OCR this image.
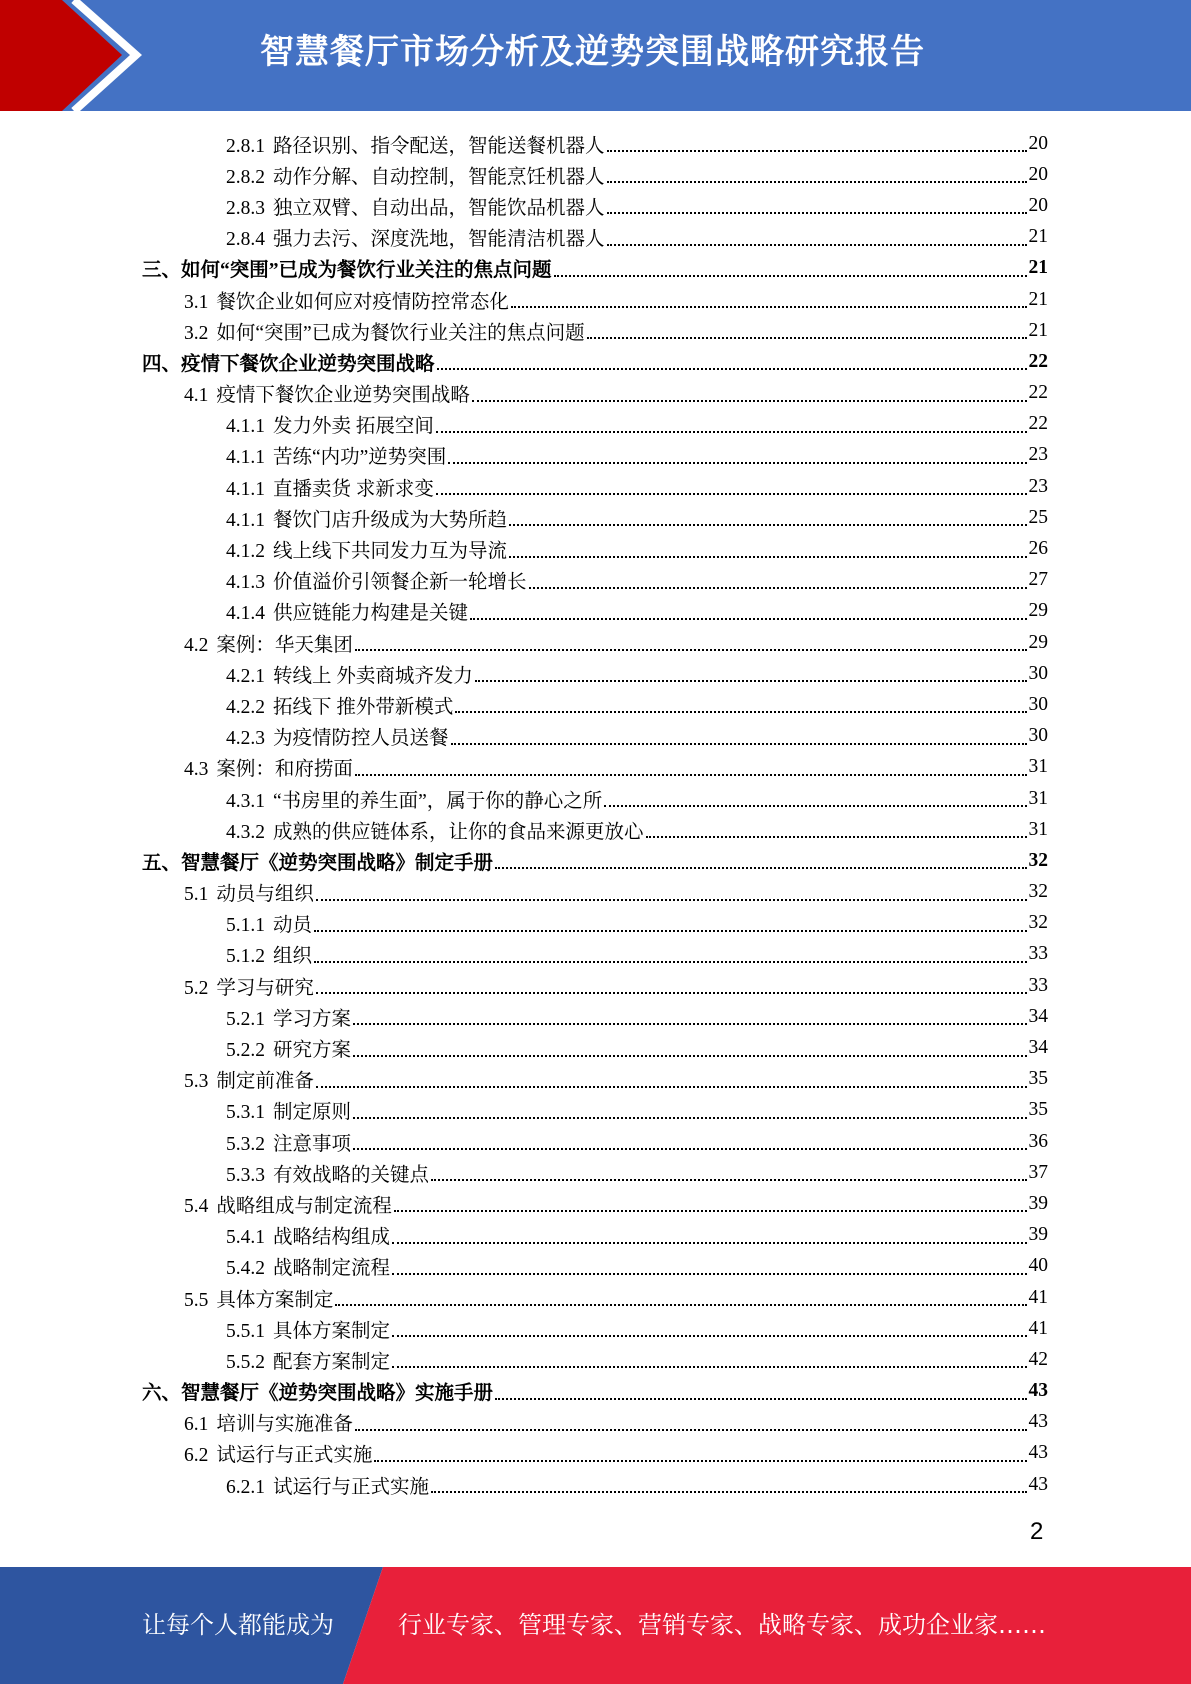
智慧餐厅市场分析及逆势突围战略研究报告
2.8.1 路径识别、指令配送，智能送餐机器人	20
2.8.2 动作分解、自动控制，智能烹饪机器人	20
2.8.3 独立双臂、自动出品，智能饮品机器人	20
2.8.4 强力去污、深度洗地，智能清洁机器人	21
三、如何“突围”已成为餐饮行业关注的焦点问题	21
3.1 餐饮企业如何应对疫情防控常态化	21
3.2 如何“突围”已成为餐饮行业关注的焦点问题	21
四、疫情下餐饮企业逆势突围战略	22
4.1 疫情下餐饮企业逆势突围战略	22
4.1.1 发力外卖 拓展空间	22
4.1.1 苦练“内功”逆势突围	23
4.1.1 直播卖货 求新求变	23
4.1.1 餐饮门店升级成为大势所趋	25
4.1.2 线上线下共同发力互为导流	26
4.1.3 价值溢价引领餐企新一轮增长	27
4.1.4 供应链能力构建是关键	29
4.2 案例：华天集团	29
4.2.1 转线上 外卖商城齐发力	30
4.2.2 拓线下 推外带新模式	30
4.2.3 为疫情防控人员送餐	30
4.3 案例：和府捞面	31
4.3.1 “书房里的养生面”，属于你的静心之所	31
4.3.2 成熟的供应链体系，让你的食品来源更放心	31
五、智慧餐厅《逆势突围战略》制定手册	32
5.1 动员与组织	32
5.1.1 动员	32
5.1.2 组织	33
5.2 学习与研究	33
5.2.1 学习方案	34
5.2.2 研究方案	34
5.3 制定前准备	35
5.3.1 制定原则	35
5.3.2 注意事项	36
5.3.3 有效战略的关键点	37
5.4 战略组成与制定流程	39
5.4.1 战略结构组成	39
5.4.2 战略制定流程	40
5.5 具体方案制定	41
5.5.1 具体方案制定	41
5.5.2 配套方案制定	42
六、智慧餐厅《逆势突围战略》实施手册	43
6.1 培训与实施准备	43
6.2 试运行与正式实施	43
6.2.1 试运行与正式实施	43
2
让每个人都能成为	行业专家、管理专家、营销专家、战略专家、成功企业家……
